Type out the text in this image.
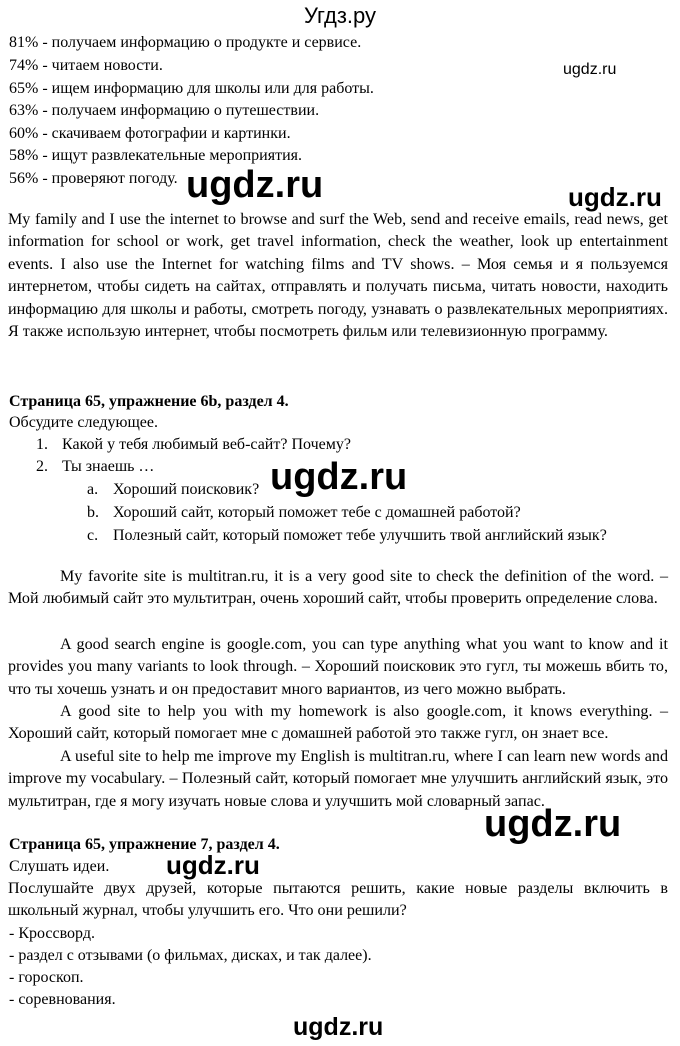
Угдз.ру
81% - получаем информацию о продукте и сервисе.
74% - читаем новости.
65% - ищем информацию для школы или для работы.
63% - получаем информацию о путешествии.
60% - скачиваем фотографии и картинки.
58% - ищут развлекательные мероприятия.
56% - проверяют погоду.
My family and I use the internet to browse and surf the Web, send and receive emails, read news, get information for school or work, get travel information, check the weather, look up entertainment events. I also use the Internet for watching films and TV shows. – Моя семья и я пользуемся интернетом, чтобы сидеть на сайтах, отправлять и получать письма, читать новости, находить информацию для школы и работы, смотреть погоду, узнавать о развлекательных мероприятиях. Я также использую интернет, чтобы посмотреть фильм или телевизионную программу.
Страница 65, упражнение 6b, раздел 4.
Обсудите следующее.
1. Какой у тебя любимый веб-сайт? Почему?
2. Ты знаешь …
a. Хороший поисковик?
b. Хороший сайт, который поможет тебе с домашней работой?
c. Полезный сайт, который поможет тебе улучшить твой английский язык?
My favorite site is multitran.ru, it is a very good site to check the definition of the word. – Мой любимый сайт это мультитран, очень хороший сайт, чтобы проверить определение слова.
A good search engine is google.com, you can type anything what you want to know and it provides you many variants to look through. – Хороший поисковик это гугл, ты можешь вбить то, что ты хочешь узнать и он предоставит много вариантов, из чего можно выбрать.
A good site to help you with my homework is also google.com, it knows everything. – Хороший сайт, который помогает мне с домашней работой это также гугл, он знает все.
A useful site to help me improve my English is multitran.ru, where I can learn new words and improve my vocabulary. – Полезный сайт, который помогает мне улучшить английский язык, это мультитран, где я могу изучать новые слова и улучшить мой словарный запас.
Страница 65, упражнение 7, раздел 4.
Слушать идеи.
Послушайте двух друзей, которые пытаются решить, какие новые разделы включить в школьный журнал, чтобы улучшить его. Что они решили?
- Кроссворд.
- раздел с отзывами (о фильмах, дисках, и так далее).
- гороскоп.
- соревнования.
ugdz.ru
ugdz.ru	ugdz.ru
ugdz.ru
ugdz.ru
ugdz.ru
ugdz.ru
